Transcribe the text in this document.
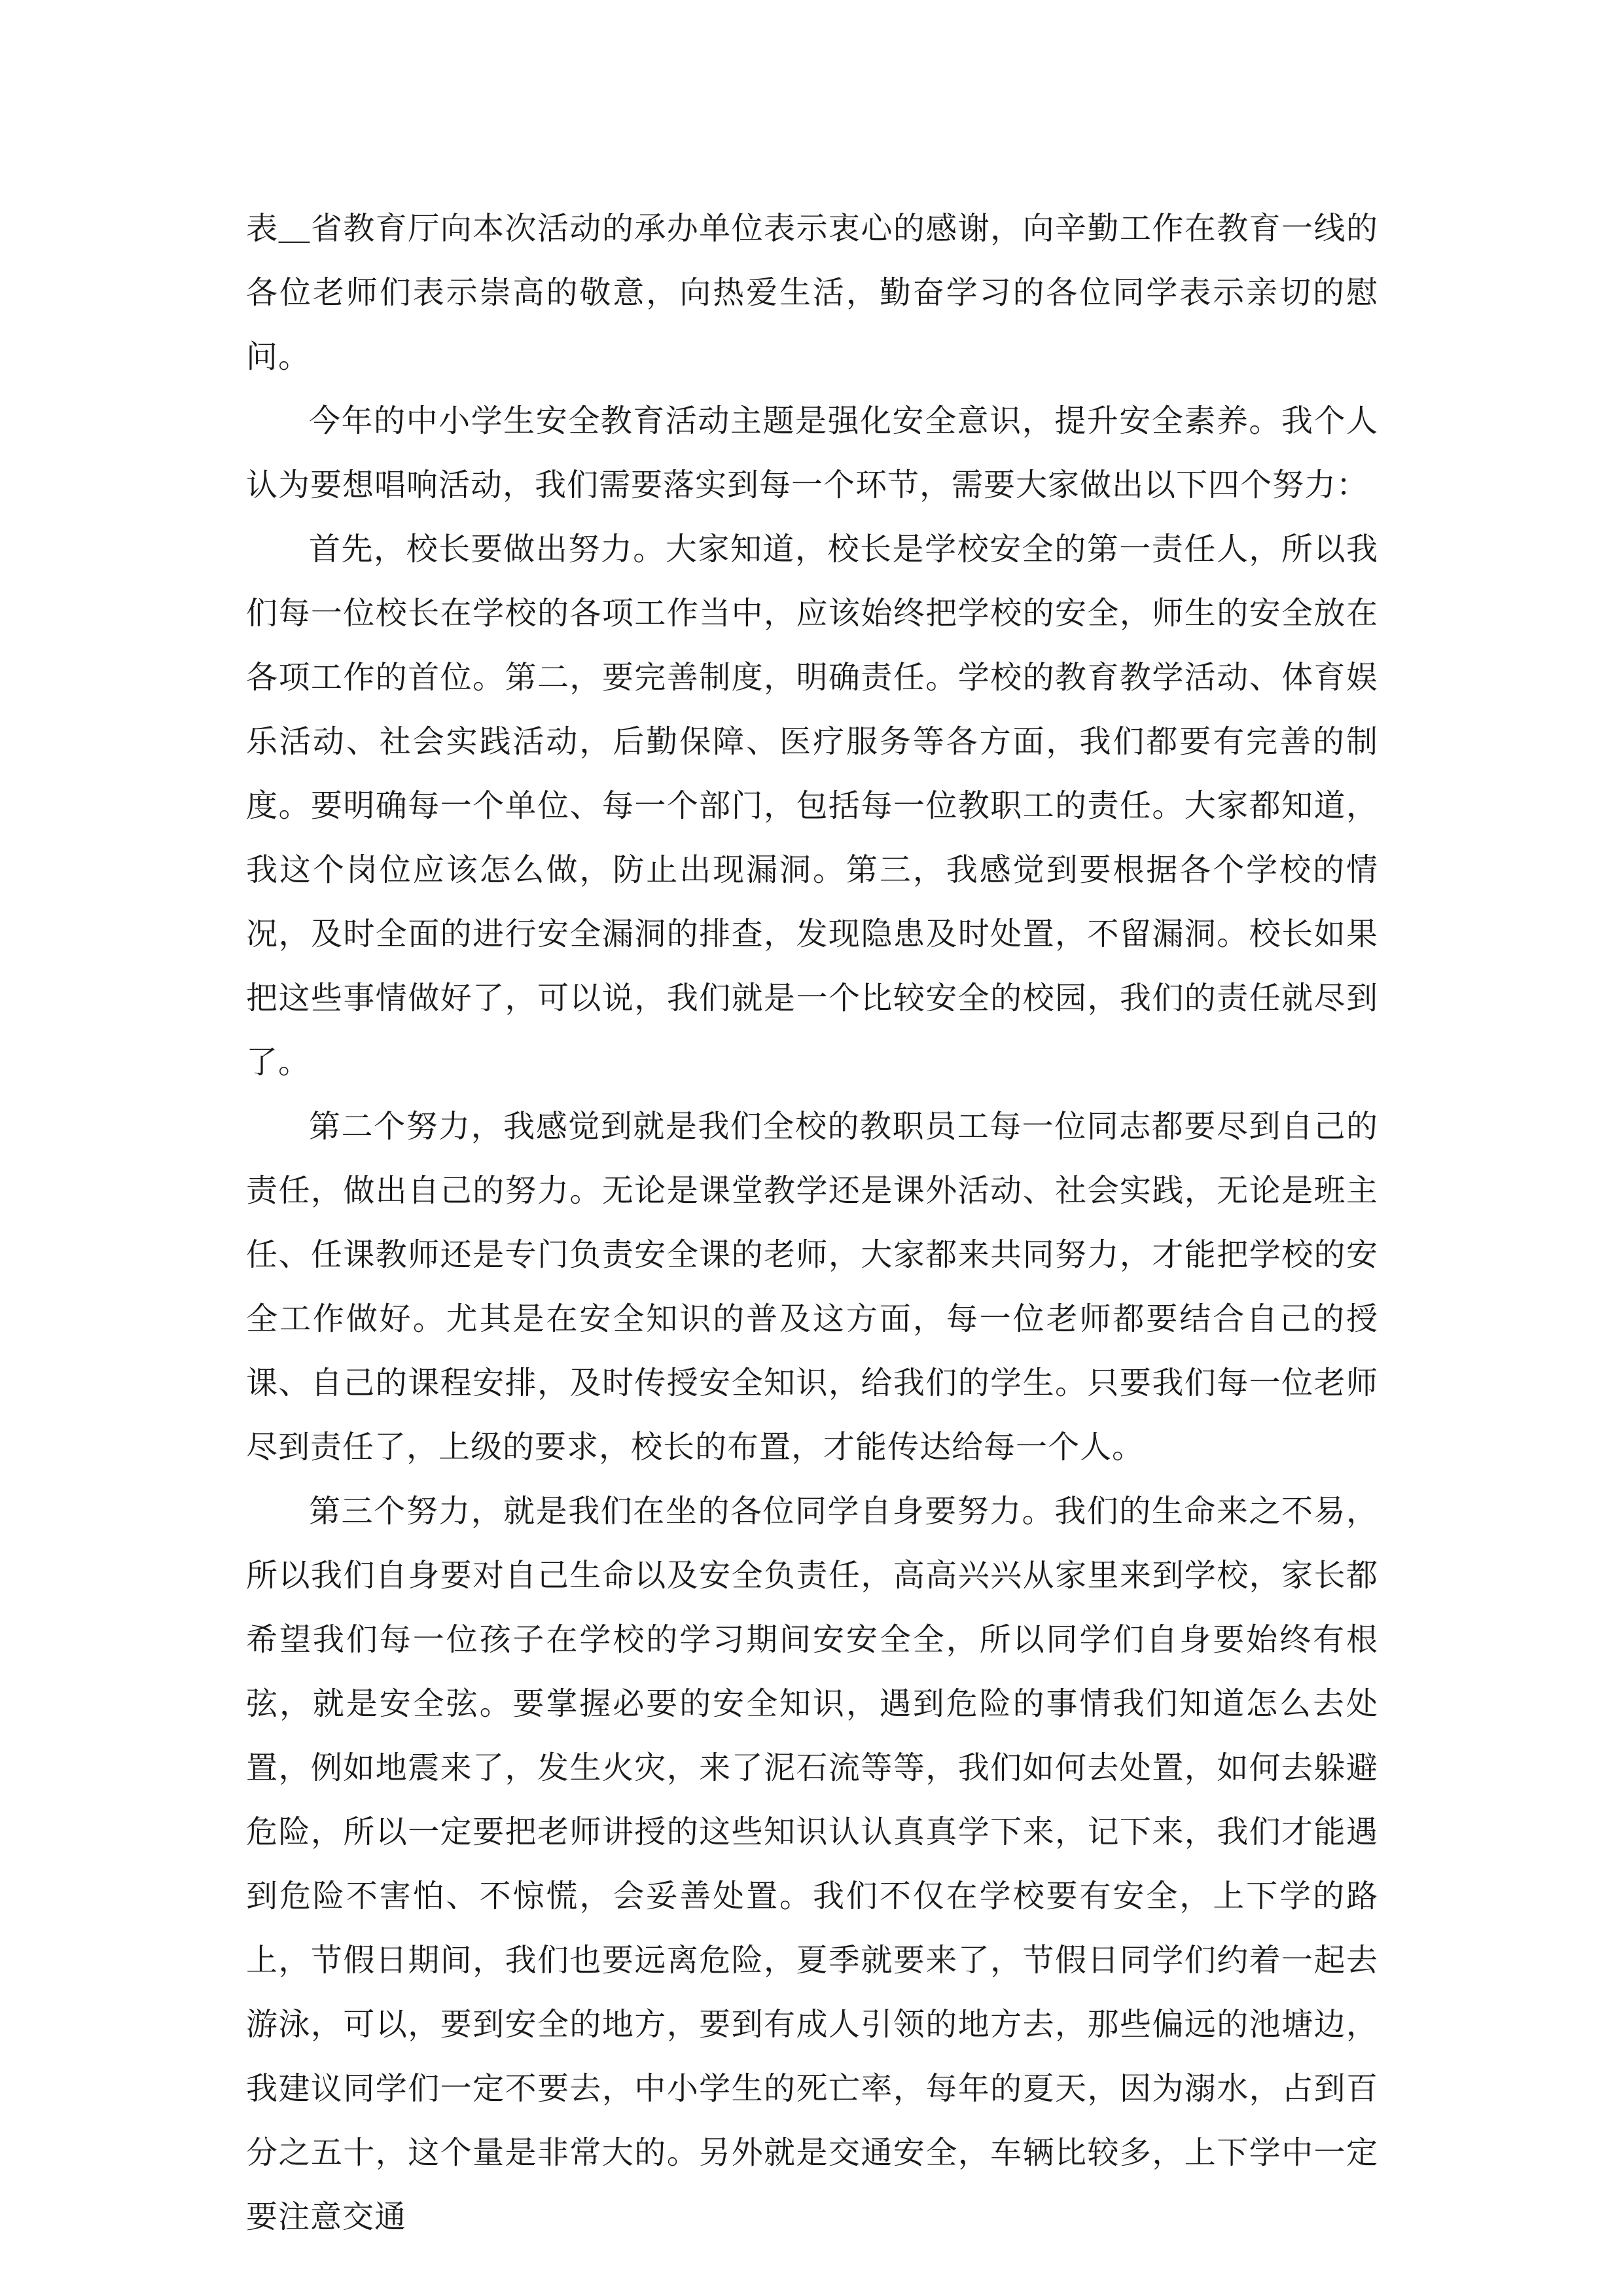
表＿省教育厅向本次活动的承办单位表示衷心的感谢，向辛勤工作在教育一线的各位老师们表示崇高的敬意，向热爱生活，勤奋学习的各位同学表示亲切的慰问。

今年的中小学生安全教育活动主题是强化安全意识，提升安全素养。我个人认为要想唱响活动，我们需要落实到每一个环节，需要大家做出以下四个努力：

首先，校长要做出努力。大家知道，校长是学校安全的第一责任人，所以我们每一位校长在学校的各项工作当中，应该始终把学校的安全，师生的安全放在各项工作的首位。第二，要完善制度，明确责任。学校的教育教学活动、体育娱乐活动、社会实践活动，后勤保障、医疗服务等各方面，我们都要有完善的制度。要明确每一个单位、每一个部门，包括每一位教职工的责任。大家都知道，我这个岗位应该怎么做，防止出现漏洞。第三，我感觉到要根据各个学校的情况，及时全面的进行安全漏洞的排查，发现隐患及时处置，不留漏洞。校长如果把这些事情做好了，可以说，我们就是一个比较安全的校园，我们的责任就尽到了。

第二个努力，我感觉到就是我们全校的教职员工每一位同志都要尽到自己的责任，做出自己的努力。无论是课堂教学还是课外活动、社会实践，无论是班主任、任课教师还是专门负责安全课的老师，大家都来共同努力，才能把学校的安全工作做好。尤其是在安全知识的普及这方面，每一位老师都要结合自己的授课、自己的课程安排，及时传授安全知识，给我们的学生。只要我们每一位老师尽到责任了，上级的要求，校长的布置，才能传达给每一个人。

第三个努力，就是我们在坐的各位同学自身要努力。我们的生命来之不易，所以我们自身要对自己生命以及安全负责任，高高兴兴从家里来到学校，家长都希望我们每一位孩子在学校的学习期间安安全全，所以同学们自身要始终有根弦，就是安全弦。要掌握必要的安全知识，遇到危险的事情我们知道怎么去处置，例如地震来了，发生火灾，来了泥石流等等，我们如何去处置，如何去躲避危险，所以一定要把老师讲授的这些知识认认真真学下来，记下来，我们才能遇到危险不害怕、不惊慌，会妥善处置。我们不仅在学校要有安全，上下学的路上，节假日期间，我们也要远离危险，夏季就要来了，节假日同学们约着一起去游泳，可以，要到安全的地方，要到有成人引领的地方去，那些偏远的池塘边，我建议同学们一定不要去，中小学生的死亡率，每年的夏天，因为溺水，占到百分之五十，这个量是非常大的。另外就是交通安全，车辆比较多，上下学中一定要注意交通
